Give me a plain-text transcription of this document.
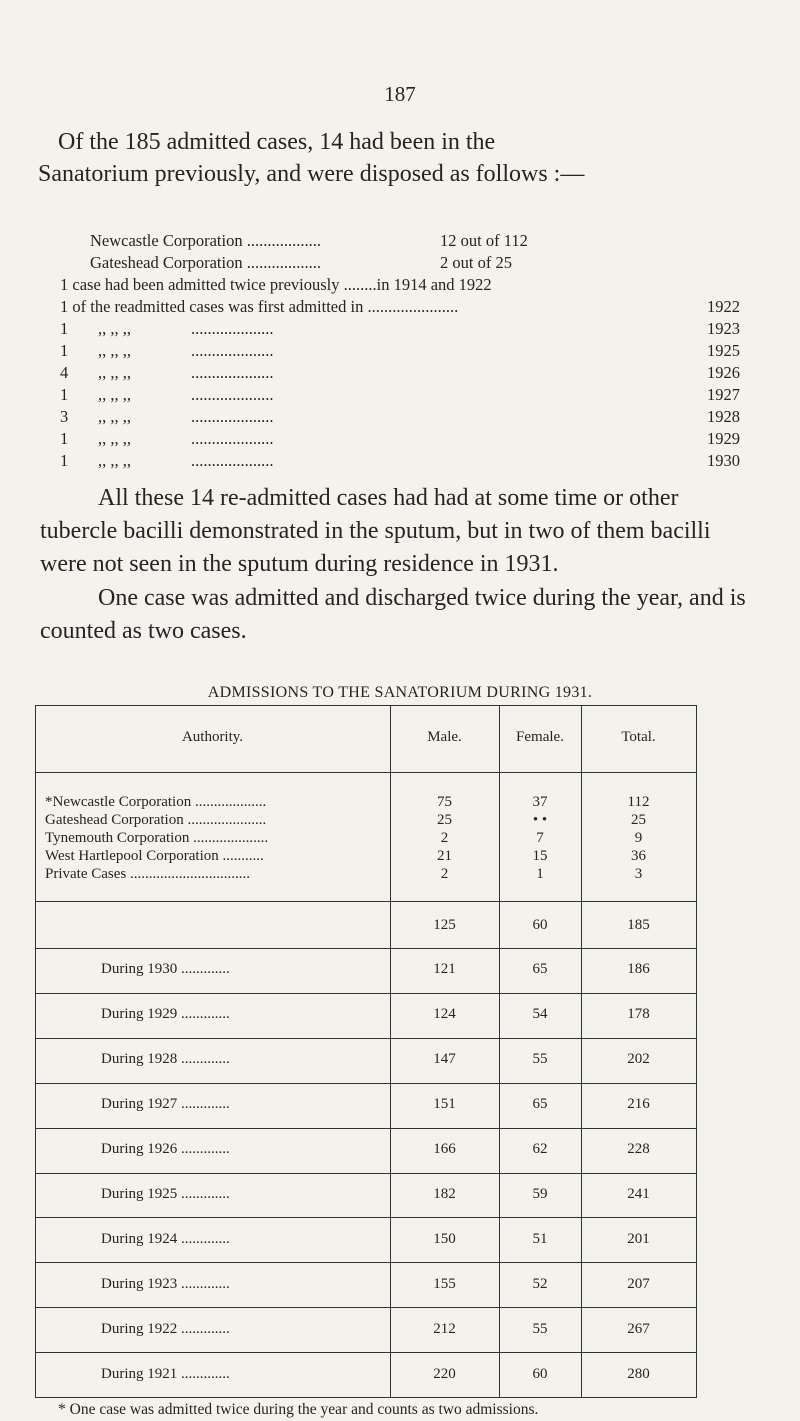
187
Of the 185 admitted cases, 14 had been in the
Sanatorium previously, and were disposed as follows :—
Newcastle Corporation ..................	12 out of 112
Gateshead Corporation ..................	2 out of 25
1 case had been admitted twice previously ........in 1914 and 1922
1 of the readmitted cases was first admitted in ......................	1922
1 ,, ,, ,,	....................	1923
1 ,, ,, ,,	....................	1925
4 ,, ,, ,,	....................	1926
1 ,, ,, ,,	....................	1927
3 ,, ,, ,,	....................	1928
1 ,, ,, ,,	....................	1929
1 ,, ,, ,,	....................	1930
All these 14 re-admitted cases had had at some time or other tubercle bacilli demonstrated in the sputum, but in two of them bacilli were not seen in the sputum during residence in 1931.
One case was admitted and discharged twice during the year, and is counted as two cases.
ADMISSIONS TO THE SANATORIUM DURING 1931.
Authority.	Male.	Female.	Total.
*Newcastle Corporation ...................	75	37	112
Gateshead Corporation .....................	25	• •	25
Tynemouth Corporation ....................	2	7	9
West Hartlepool Corporation ...........	21	15	36
Private Cases ................................	2	1	3
125	60	185
During 1930 .............	121	65	186
During 1929 .............	124	54	178
During 1928 .............	147	55	202
During 1927 .............	151	65	216
During 1926 .............	166	62	228
During 1925 .............	182	59	241
During 1924 .............	150	51	201
During 1923 .............	155	52	207
During 1922 .............	212	55	267
During 1921 .............	220	60	280
* One case was admitted twice during the year and counts as two admissions.
